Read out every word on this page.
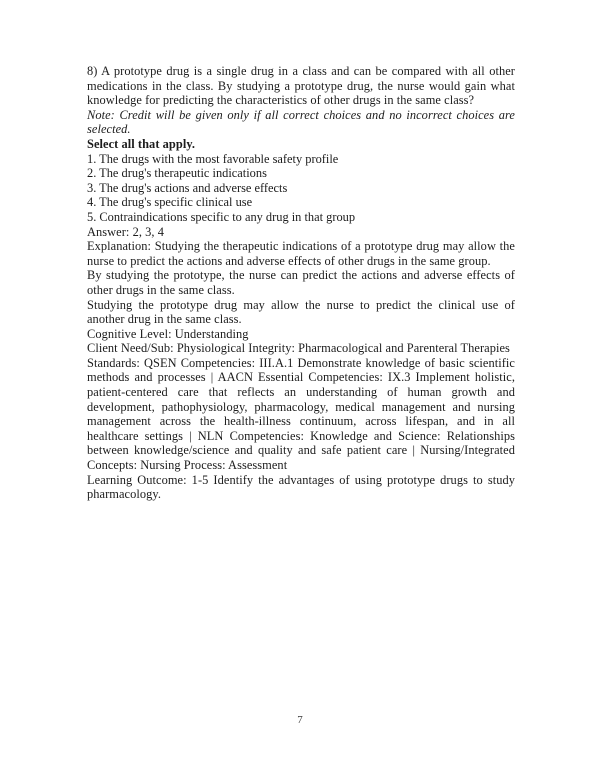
8) A prototype drug is a single drug in a class and can be compared with all other medications in the class. By studying a prototype drug, the nurse would gain what knowledge for predicting the characteristics of other drugs in the same class?

Note: Credit will be given only if all correct choices and no incorrect choices are selected.

Select all that apply.

1. The drugs with the most favorable safety profile
2. The drug's therapeutic indications
3. The drug's actions and adverse effects
4. The drug's specific clinical use
5. Contraindications specific to any drug in that group

Answer: 2, 3, 4

Explanation: Studying the therapeutic indications of a prototype drug may allow the nurse to predict the actions and adverse effects of other drugs in the same group.

By studying the prototype, the nurse can predict the actions and adverse effects of other drugs in the same class.

Studying the prototype drug may allow the nurse to predict the clinical use of another drug in the same class.

Cognitive Level: Understanding

Client Need/Sub: Physiological Integrity: Pharmacological and Parenteral Therapies

Standards: QSEN Competencies: III.A.1 Demonstrate knowledge of basic scientific methods and processes | AACN Essential Competencies: IX.3 Implement holistic, patient-centered care that reflects an understanding of human growth and development, pathophysiology, pharmacology, medical management and nursing management across the health-illness continuum, across lifespan, and in all healthcare settings | NLN Competencies: Knowledge and Science: Relationships between knowledge/science and quality and safe patient care | Nursing/Integrated Concepts: Nursing Process: Assessment

Learning Outcome: 1-5 Identify the advantages of using prototype drugs to study pharmacology.

7
